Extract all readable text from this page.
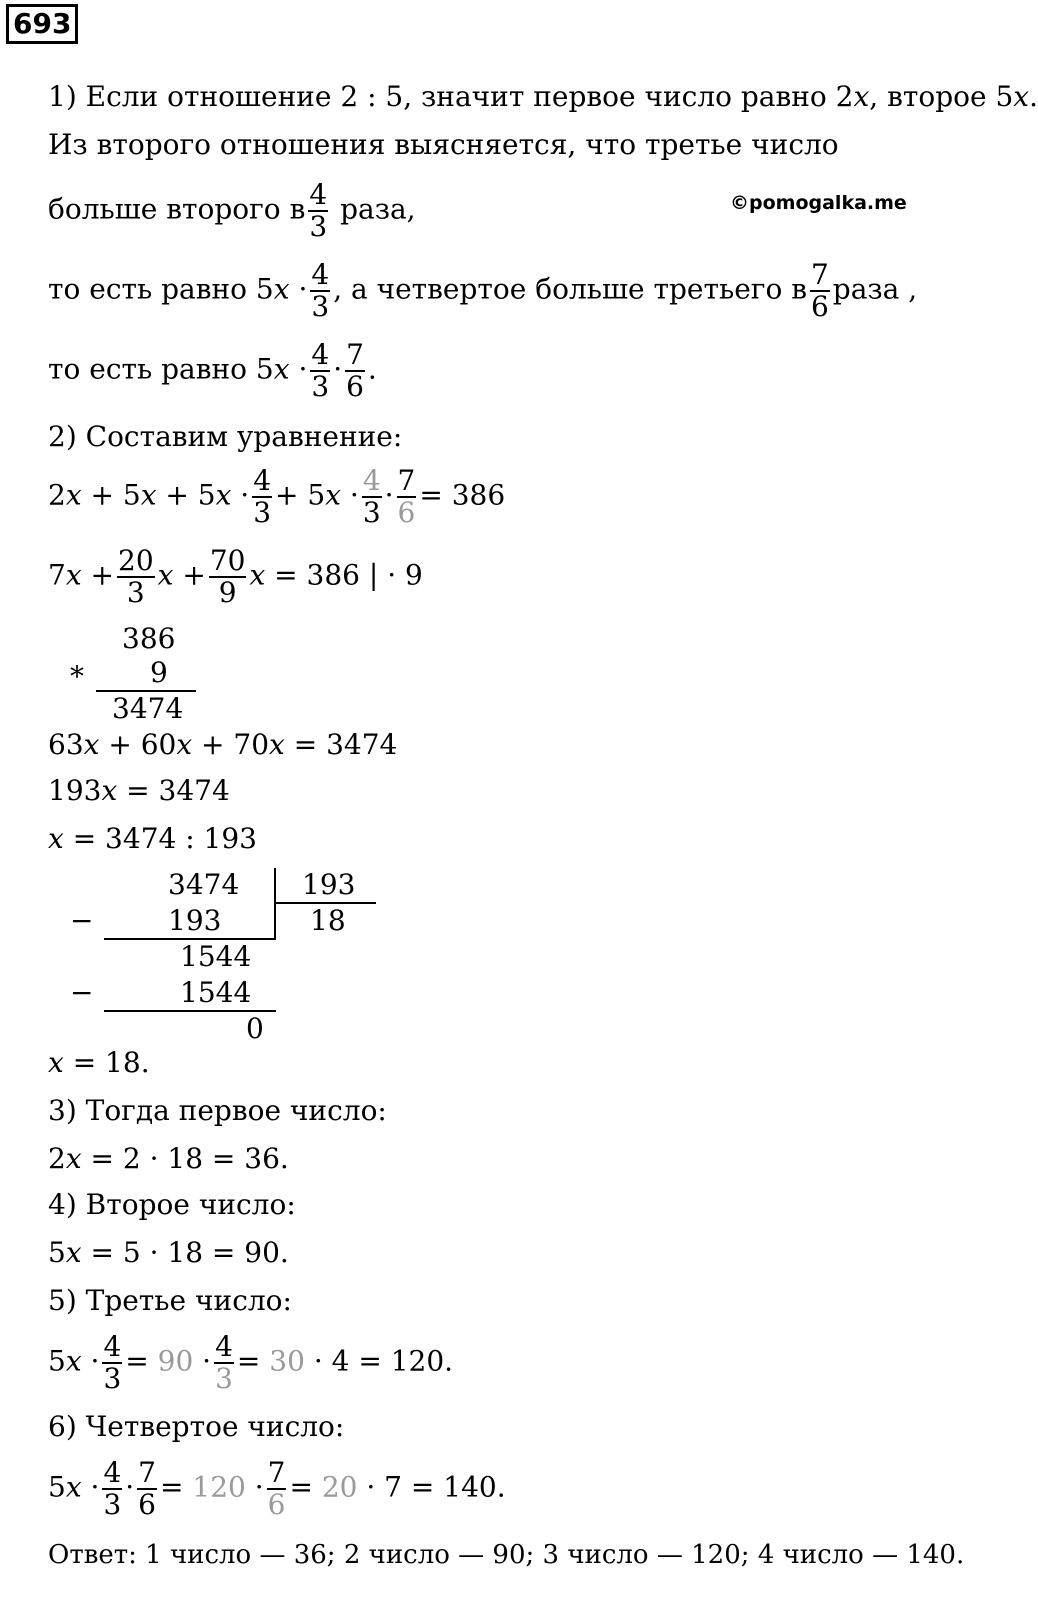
693
©pomogalka.me
1) Если отношение 2 : 5, значит первое число равно 2x, второе 5x.
Из второго отношения выясняется, что третье число
больше второго в $\frac{4}{3}$ раза,
то есть равно $5x \cdot \frac{4}{3}$ , а четвертое больше третьего в $\frac{7}{6}$ раза ,
то есть равно $5x \cdot \frac{4}{3} \cdot \frac{7}{6}$ .
2) Составим уравнение:
$2x + 5x + 5x \cdot \frac{4}{3} + 5x \cdot \frac{4}{3} \cdot \frac{7}{6} = 386$
$7x + \frac{20}{3}$ $x + \frac{70}{9}$ x = 386 | · 9
386
* 9
3474
63x + 60x + 70x = 3474
193x = 3474
x = 3474 : 193
3474 193
−	193	18
1544
−	1544
0
x = 18.
3) Тогда первое число:
2x = 2 · 18 = 36.
4) Второе число:
5x = 5 · 18 = 90.
5) Третье число:
$5x \cdot \frac{4}{3} = 90 \cdot \frac{4}{3} = 30 \cdot 4 = 120$.
6) Четвертое число:
$5x \cdot \frac{4}{3} \cdot \frac{7}{6} = 120 \cdot \frac{7}{6} = 20 \cdot 7 = 140$.
Ответ: 1 число — 36; 2 число — 90; 3 число — 120; 4 число — 140.
